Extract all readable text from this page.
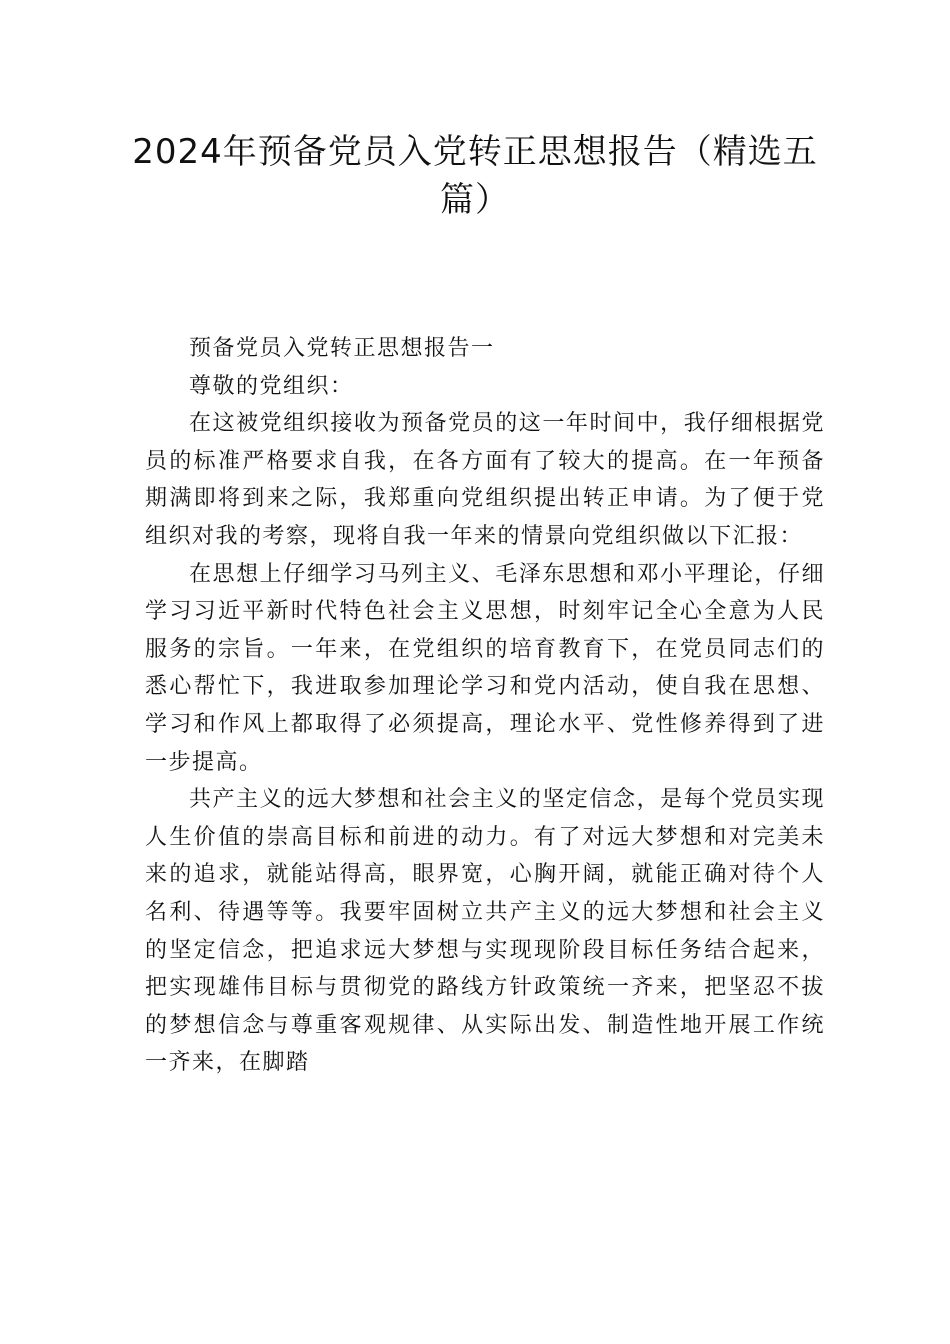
2024年预备党员入党转正思想报告（精选五篇）

预备党员入党转正思想报告一

尊敬的党组织：

在这被党组织接收为预备党员的这一年时间中，我仔细根据党员的标准严格要求自我，在各方面有了较大的提高。在一年预备期满即将到来之际，我郑重向党组织提出转正申请。为了便于党组织对我的考察，现将自我一年来的情景向党组织做以下汇报：

在思想上仔细学习马列主义、毛泽东思想和邓小平理论，仔细学习习近平新时代特色社会主义思想，时刻牢记全心全意为人民服务的宗旨。一年来，在党组织的培育教育下，在党员同志们的悉心帮忙下，我进取参加理论学习和党内活动，使自我在思想、学习和作风上都取得了必须提高，理论水平、党性修养得到了进一步提高。

共产主义的远大梦想和社会主义的坚定信念，是每个党员实现人生价值的崇高目标和前进的动力。有了对远大梦想和对完美未来的追求，就能站得高，眼界宽，心胸开阔，就能正确对待个人名利、待遇等等。我要牢固树立共产主义的远大梦想和社会主义的坚定信念，把追求远大梦想与实现现阶段目标任务结合起来，把实现雄伟目标与贯彻党的路线方针政策统一齐来，把坚忍不拔的梦想信念与尊重客观规律、从实际出发、制造性地开展工作统一齐来，在脚踏
